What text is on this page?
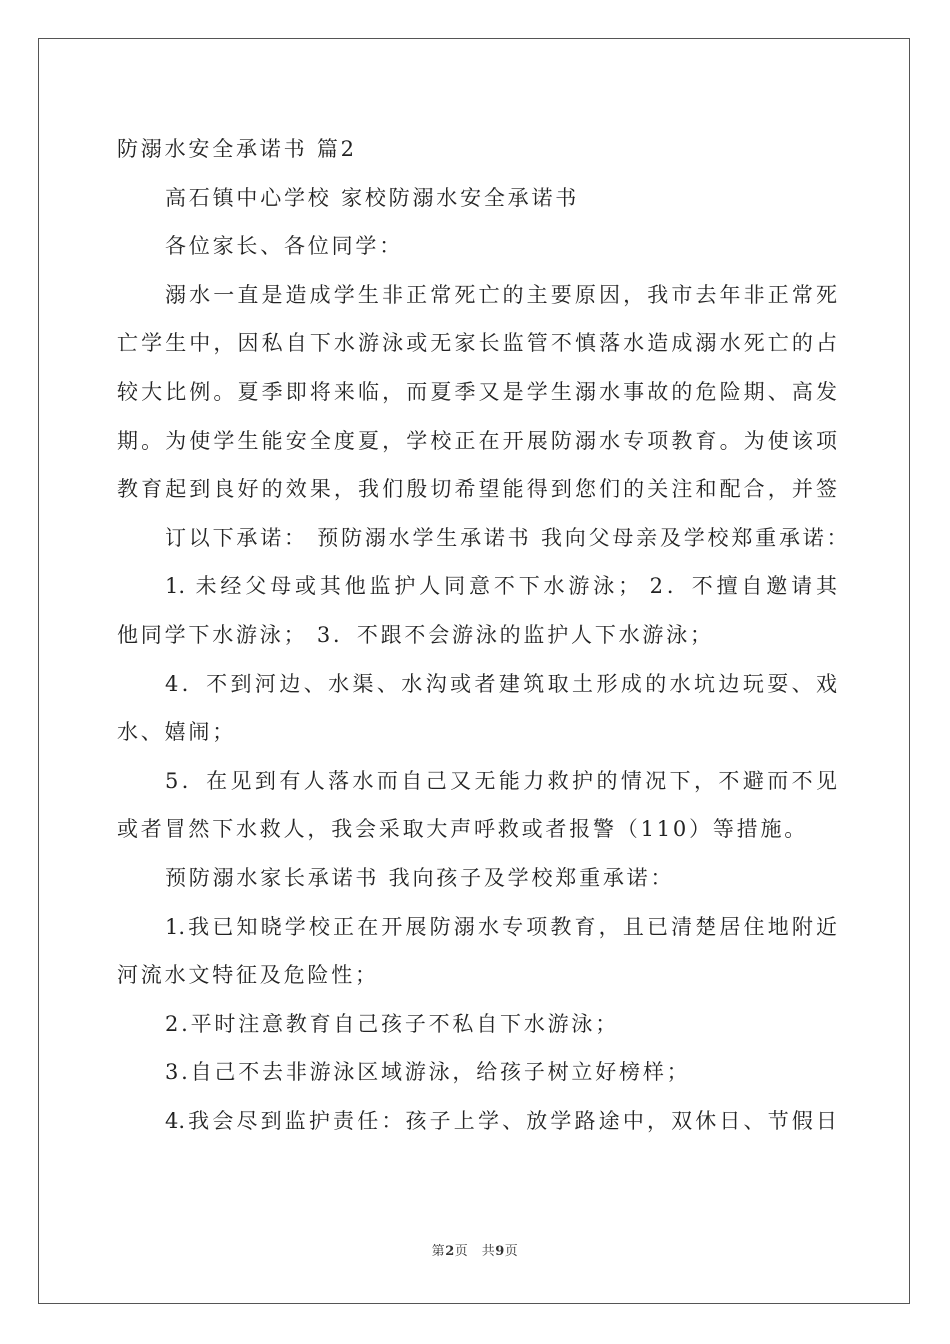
防溺水安全承诺书 篇2
高石镇中心学校 家校防溺水安全承诺书
各位家长、各位同学：
溺水一直是造成学生非正常死亡的主要原因，我市去年非正常死
亡学生中，因私自下水游泳或无家长监管不慎落水造成溺水死亡的占
较大比例。夏季即将来临，而夏季又是学生溺水事故的危险期、高发
期。为使学生能安全度夏，学校正在开展防溺水专项教育。为使该项
教育起到良好的效果，我们殷切希望能得到您们的关注和配合，并签
订以下承诺： 预防溺水学生承诺书 我向父母亲及学校郑重承诺：
1. 未经父母或其他监护人同意不下水游泳； 2．不擅自邀请其
他同学下水游泳； 3．不跟不会游泳的监护人下水游泳；
4．不到河边、水渠、水沟或者建筑取土形成的水坑边玩耍、戏
水、嬉闹；
5．在见到有人落水而自己又无能力救护的情况下，不避而不见
或者冒然下水救人，我会采取大声呼救或者报警（110）等措施。
预防溺水家长承诺书 我向孩子及学校郑重承诺：
1.我已知晓学校正在开展防溺水专项教育，且已清楚居住地附近
河流水文特征及危险性；
2.平时注意教育自己孩子不私自下水游泳；
3.自己不去非游泳区域游泳，给孩子树立好榜样；
4.我会尽到监护责任：孩子上学、放学路途中，双休日、节假日
第2页　共9页
